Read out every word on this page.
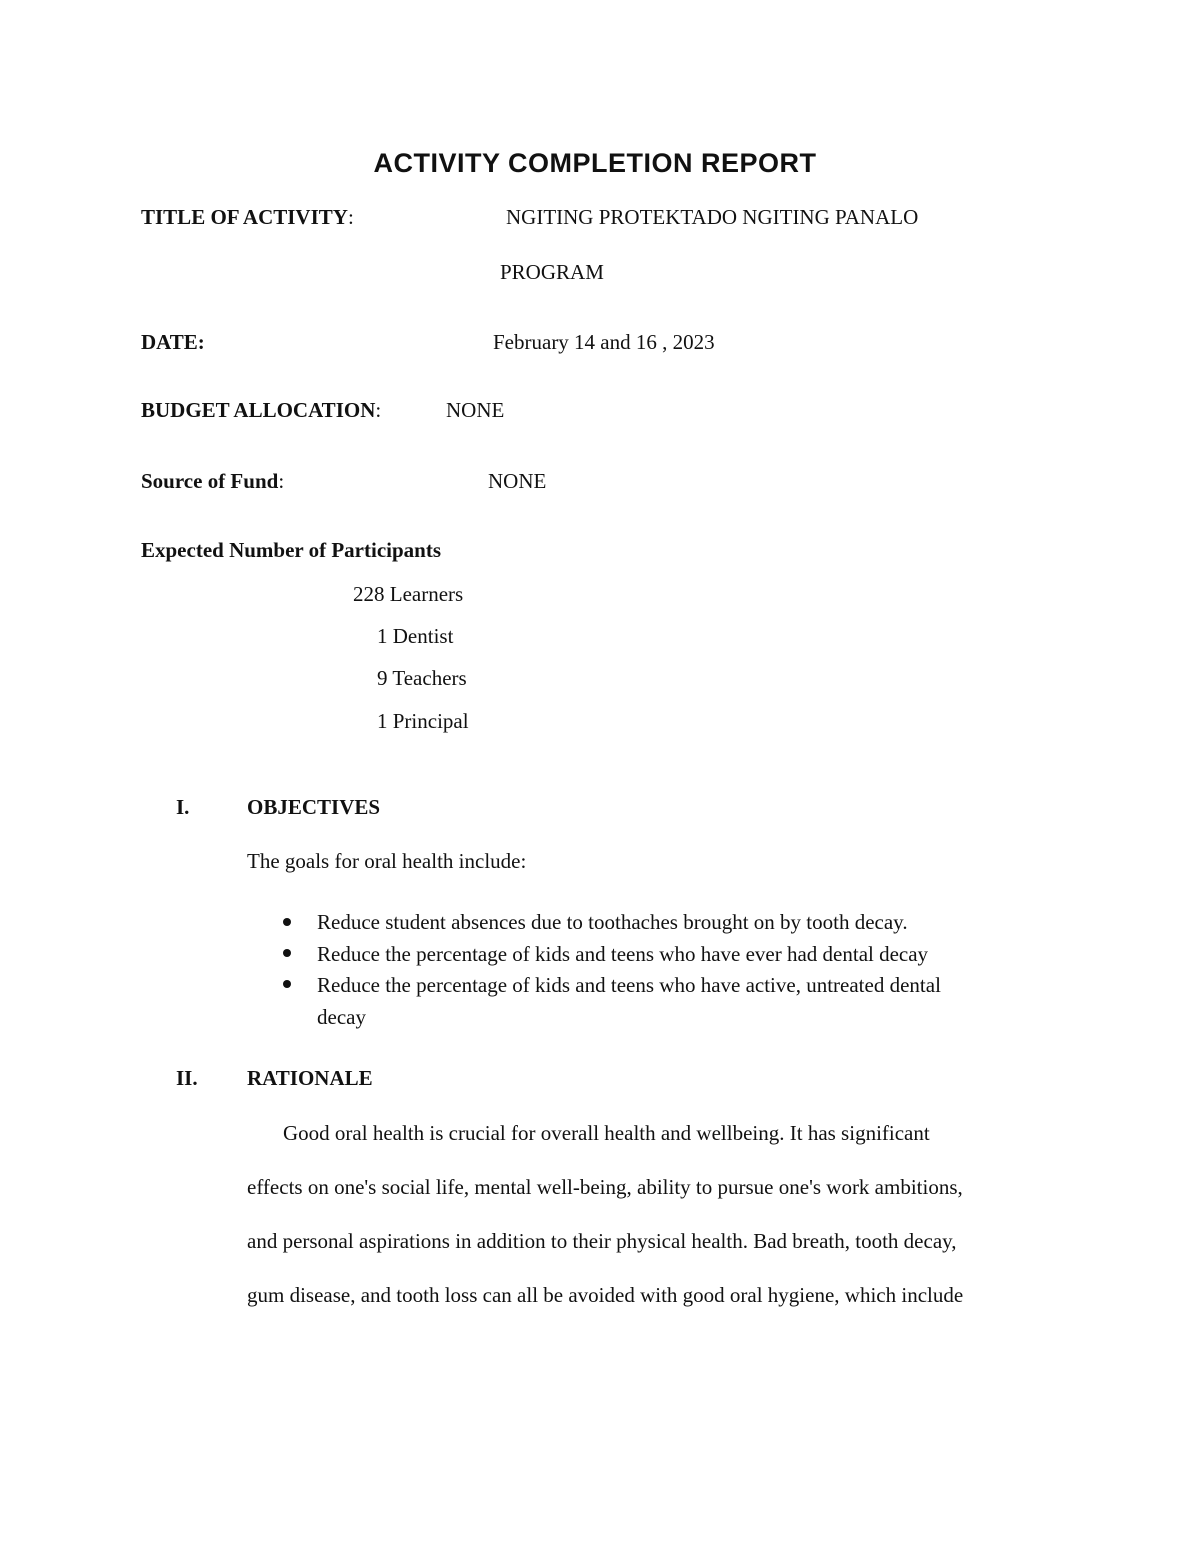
ACTIVITY COMPLETION REPORT
TITLE OF ACTIVITY:	NGITING PROTEKTADO NGITING PANALO
PROGRAM
DATE:	February 14 and 16 , 2023
BUDGET ALLOCATION:	NONE
Source of Fund:	NONE
Expected Number of Participants
228 Learners
1 Dentist
9 Teachers
1 Principal
I.	OBJECTIVES
The goals for oral health include:
Reduce student absences due to toothaches brought on by tooth decay.
Reduce the percentage of kids and teens who have ever had dental decay
Reduce the percentage of kids and teens who have active, untreated dental
decay
II. RATIONALE
Good oral health is crucial for overall health and wellbeing. It has significant
effects on one's social life, mental well-being, ability to pursue one's work ambitions,
and personal aspirations in addition to their physical health. Bad breath, tooth decay,
gum disease, and tooth loss can all be avoided with good oral hygiene, which include
